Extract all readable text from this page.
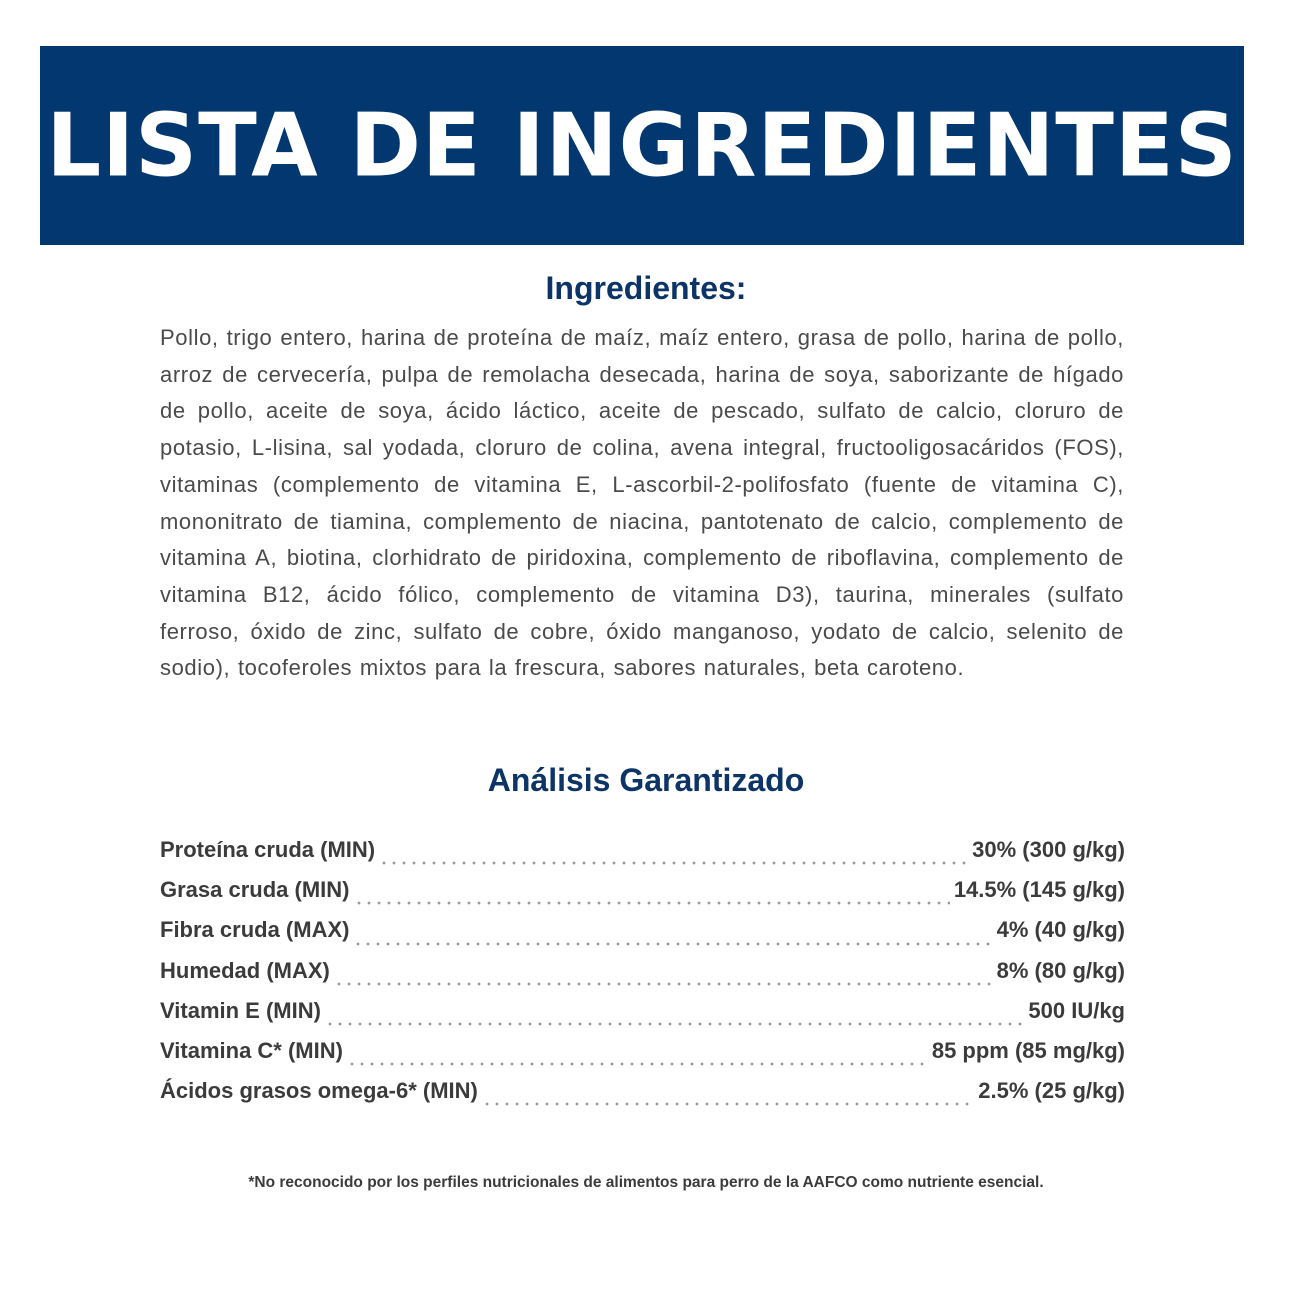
LISTA DE INGREDIENTES
Ingredientes:

Pollo, trigo entero, harina de proteína de maíz, maíz entero, grasa de pollo, harina de pollo, arroz de cervecería, pulpa de remolacha desecada, harina de soya, saborizante de hígado de pollo, aceite de soya, ácido láctico, aceite de pescado, sulfato de calcio, cloruro de potasio, L-lisina, sal yodada, cloruro de colina, avena integral, fructooligosacáridos (FOS), vitaminas (complemento de vitamina E, L-ascorbil-2-polifosfato (fuente de vitamina C), mononitrato de tiamina, complemento de niacina, pantotenato de calcio, complemento de vitamina A, biotina, clorhidrato de piridoxina, complemento de riboflavina, complemento de vitamina B12, ácido fólico, complemento de vitamina D3), taurina, minerales (sulfato ferroso, óxido de zinc, sulfato de cobre, óxido manganoso, yodato de calcio, selenito de sodio), tocoferoles mixtos para la frescura, sabores naturales, beta caroteno.

Análisis Garantizado
Proteína cruda (MIN)	30% (300 g/kg)
Grasa cruda (MIN)	14.5% (145 g/kg)
Fibra cruda (MAX)	4% (40 g/kg)
Humedad (MAX)	8% (80 g/kg)
Vitamin E (MIN)	500 IU/kg
Vitamina C* (MIN)	85 ppm (85 mg/kg)
Ácidos grasos omega-6* (MIN)	2.5% (25 g/kg)

*No reconocido por los perfiles nutricionales de alimentos para perro de la AAFCO como nutriente esencial.
